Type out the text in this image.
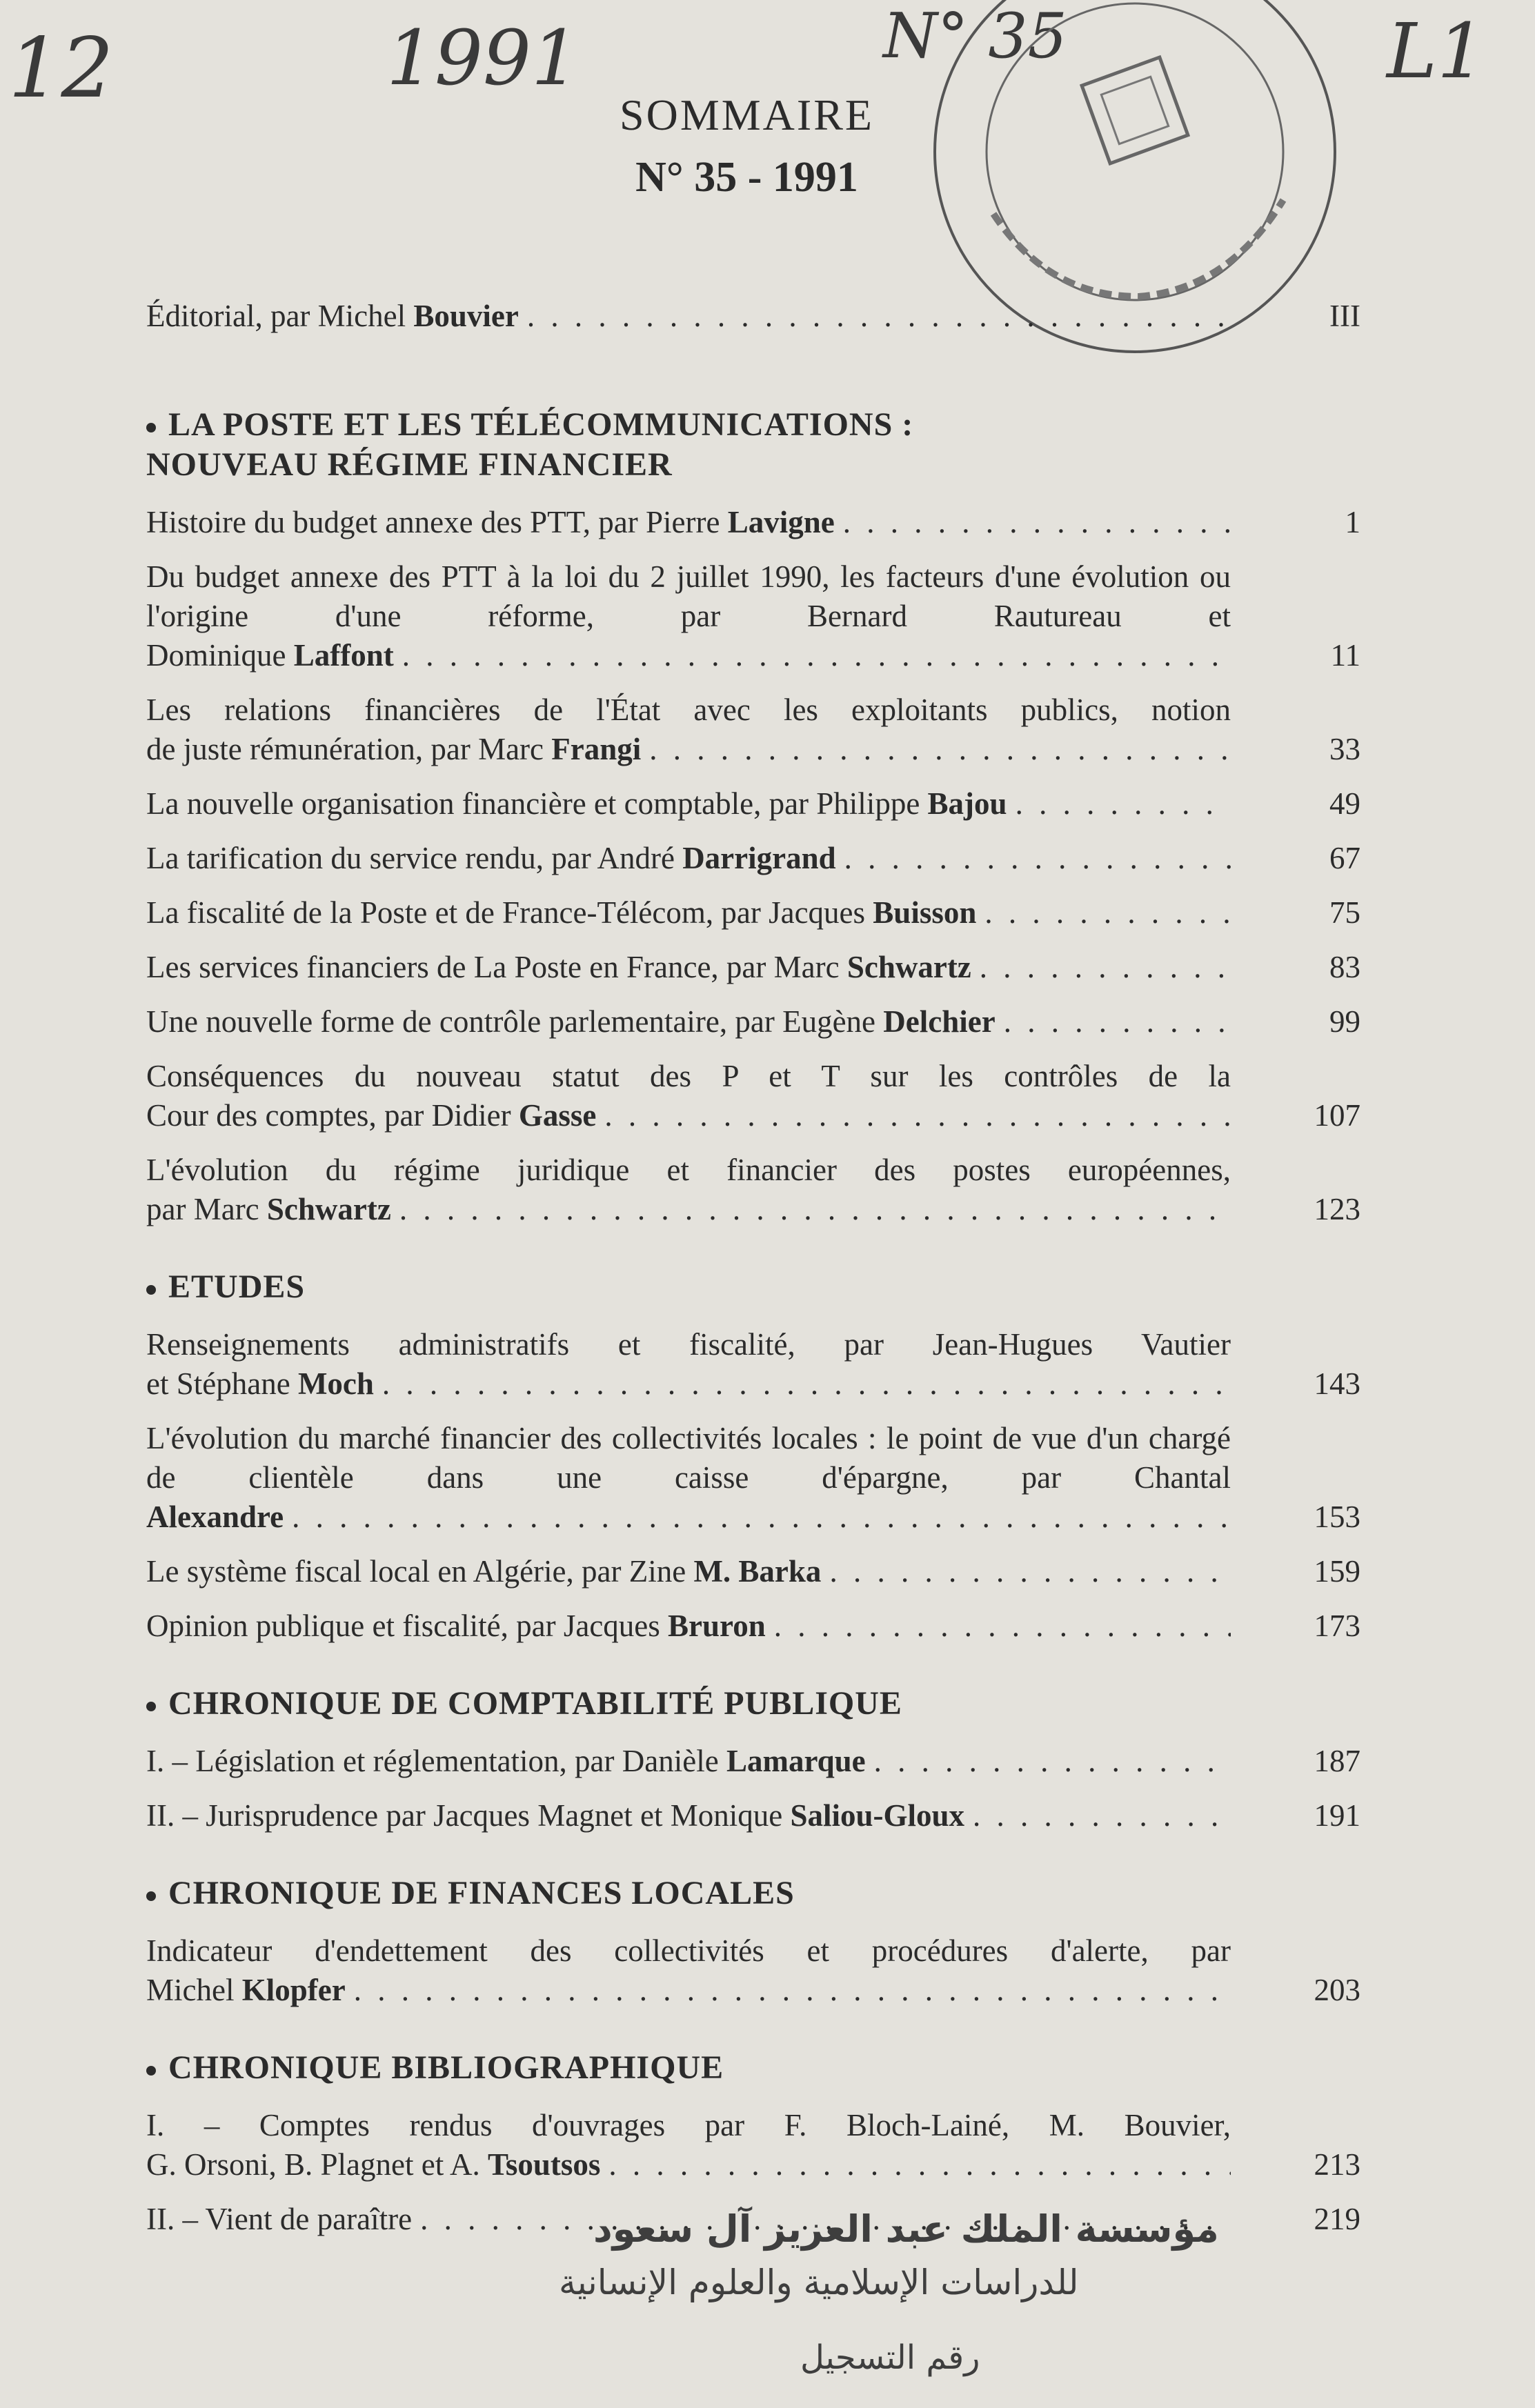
12	1991	N° 35	L1
SOMMAIRE
N° 35 - 1991
Éditorial, par Michel Bouvier . . .	III
LA POSTE ET LES TÉLÉCOMMUNICATIONS :
NOUVEAU RÉGIME FINANCIER
Histoire du budget annexe des PTT, par Pierre Lavigne . . .	1
Du budget annexe des PTT à la loi du 2 juillet 1990, les facteurs d'une évolution ou l'origine d'une réforme, par Bernard Rautureau et
Dominique Laffont . . .	11
Les relations financières de l'État avec les exploitants publics, notion
de juste rémunération, par Marc Frangi . . .	33
La nouvelle organisation financière et comptable, par Philippe Bajou . . .	49
La tarification du service rendu, par André Darrigrand . . .	67
La fiscalité de la Poste et de France-Télécom, par Jacques Buisson . . .	75
Les services financiers de La Poste en France, par Marc Schwartz . . .	83
Une nouvelle forme de contrôle parlementaire, par Eugène Delchier . . .	99
Conséquences du nouveau statut des P et T sur les contrôles de la
Cour des comptes, par Didier Gasse . . .	107
L'évolution du régime juridique et financier des postes européennes,
par Marc Schwartz . . .	123
ETUDES
Renseignements administratifs et fiscalité, par Jean-Hugues Vautier
et Stéphane Moch . . .	143
L'évolution du marché financier des collectivités locales : le point de vue d'un chargé de clientèle dans une caisse d'épargne, par Chantal
Alexandre . . .	153
Le système fiscal local en Algérie, par Zine M. Barka . . .	159
Opinion publique et fiscalité, par Jacques Bruron . . .	173
CHRONIQUE DE COMPTABILITÉ PUBLIQUE
I. – Législation et réglementation, par Danièle Lamarque . . .	187
II. – Jurisprudence par Jacques Magnet et Monique Saliou-Gloux . . .	191
CHRONIQUE DE FINANCES LOCALES
Indicateur d'endettement des collectivités et procédures d'alerte, par
Michel Klopfer . . .	203
CHRONIQUE BIBLIOGRAPHIQUE
I. – Comptes rendus d'ouvrages par F. Bloch-Lainé, M. Bouvier,
G. Orsoni, B. Plagnet et A. Tsoutsos . . .	213
II. – Vient de paraître . . .	219
مؤسسة الملك عبد العزيز آل سعود
للدراسات الإسلامية والعلوم الإنسانية
رقم التسجيل
